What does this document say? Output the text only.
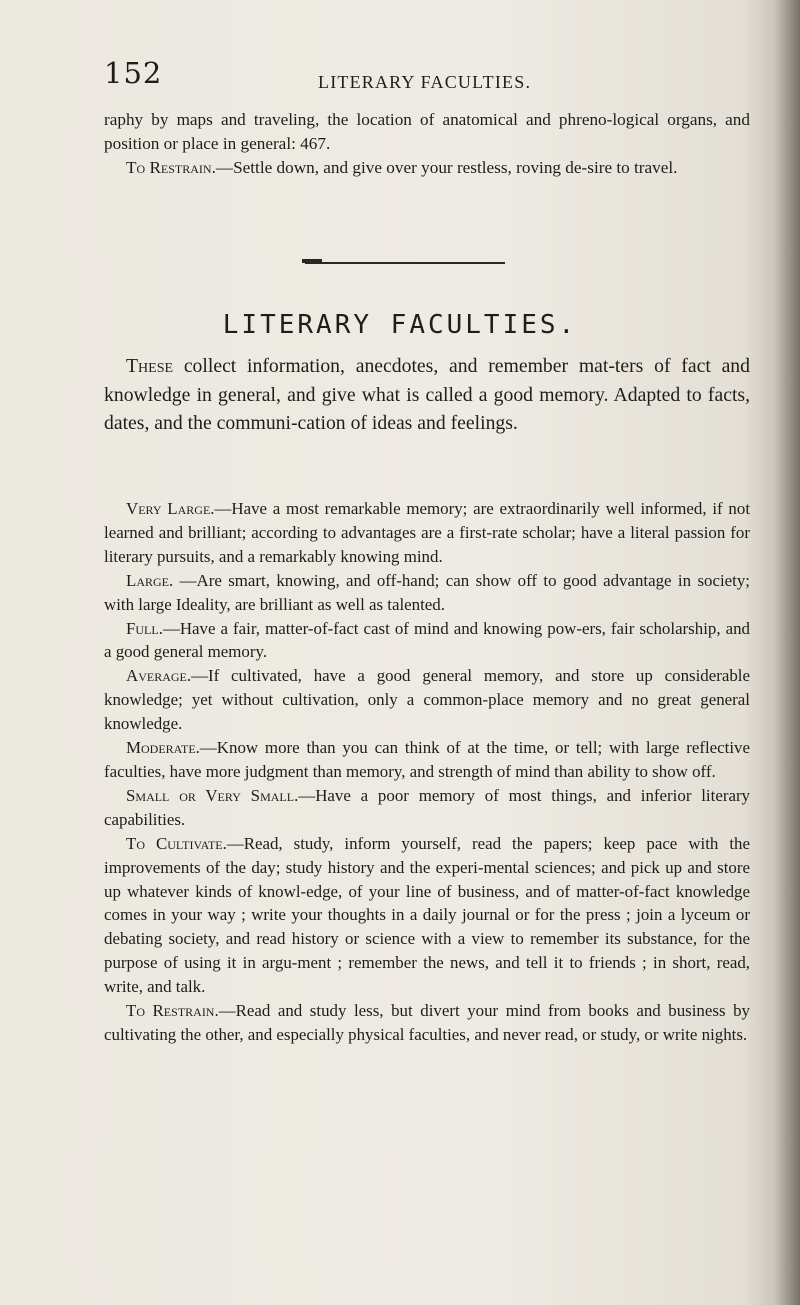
152	LITERARY FACULTIES.

raphy by maps and traveling, the location of anatomical and phreno-logical organs, and position or place in general: 467.

To Restrain.—Settle down, and give over your restless, roving de-sire to travel.

LITERARY FACULTIES.

These collect information, anecdotes, and remember mat-ters of fact and knowledge in general, and give what is called a good memory. Adapted to facts, dates, and the communi-cation of ideas and feelings.

Very Large.—Have a most remarkable memory; are extraordinarily well informed, if not learned and brilliant; according to advantages are a first-rate scholar; have a literal passion for literary pursuits, and a remarkably knowing mind.

Large. —Are smart, knowing, and off-hand; can show off to good advantage in society; with large Ideality, are brilliant as well as talented.

Full.—Have a fair, matter-of-fact cast of mind and knowing pow-ers, fair scholarship, and a good general memory.

Average.—If cultivated, have a good general memory, and store up considerable knowledge; yet without cultivation, only a common-place memory and no great general knowledge.

Moderate.—Know more than you can think of at the time, or tell; with large reflective faculties, have more judgment than memory, and strength of mind than ability to show off.

Small or Very Small.—Have a poor memory of most things, and inferior literary capabilities.

To Cultivate.—Read, study, inform yourself, read the papers; keep pace with the improvements of the day; study history and the experi-mental sciences; and pick up and store up whatever kinds of knowl-edge, of your line of business, and of matter-of-fact knowledge comes in your way ; write your thoughts in a daily journal or for the press ; join a lyceum or debating society, and read history or science with a view to remember its substance, for the purpose of using it in argu-ment ; remember the news, and tell it to friends ; in short, read, write, and talk.

To Restrain.—Read and study less, but divert your mind from books and business by cultivating the other, and especially physical faculties, and never read, or study, or write nights.
